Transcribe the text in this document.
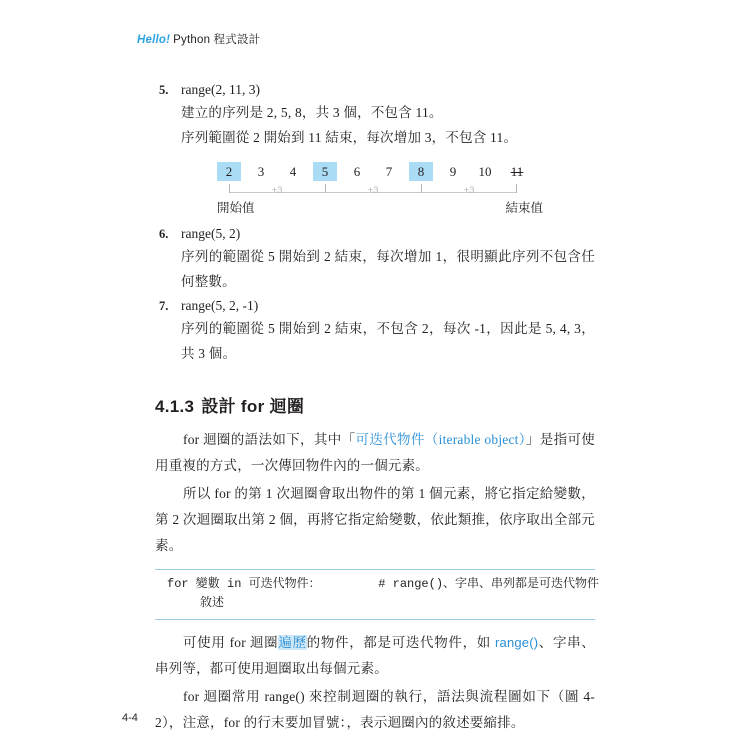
Hello! Python 程式設計
5. range(2, 11, 3)

建立的序列是 2, 5, 8，共 3 個，不包含 11。

序列範圍從 2 開始到 11 結束，每次增加 3，不包含 11。

2	3	4	5	6	7	8	9	10	11
+3	+3	+3
開始值	結束值
6. range(5, 2)

序列的範圍從 5 開始到 2 結束，每次增加 1，很明顯此序列不包含任何整數。

7. range(5, 2, -1)

序列的範圍從 5 開始到 2 結束，不包含 2，每次 -1，因此是 5, 4, 3，共 3 個。

4.1.3 設計 for 迴圈

for 迴圈的語法如下，其中「可迭代物件（iterable object）」是指可使用重複的方式，一次傳回物件內的一個元素。

所以 for 的第 1 次迴圈會取出物件的第 1 個元素，將它指定給變數，第 2 次迴圈取出第 2 個，再將它指定給變數，依此類推，依序取出全部元素。

for 變數 in 可迭代物件：        # range()、字串、串列都是可迭代物件
敘述

可使用 for 迴圈遍歷的物件，都是可迭代物件，如 range()、字串、串列等，都可使用迴圈取出每個元素。

for 迴圈常用 range() 來控制迴圈的執行，語法與流程圖如下（圖 4-2），注意，for 的行末要加冒號：，表示迴圈內的敘述要縮排。

4-4
